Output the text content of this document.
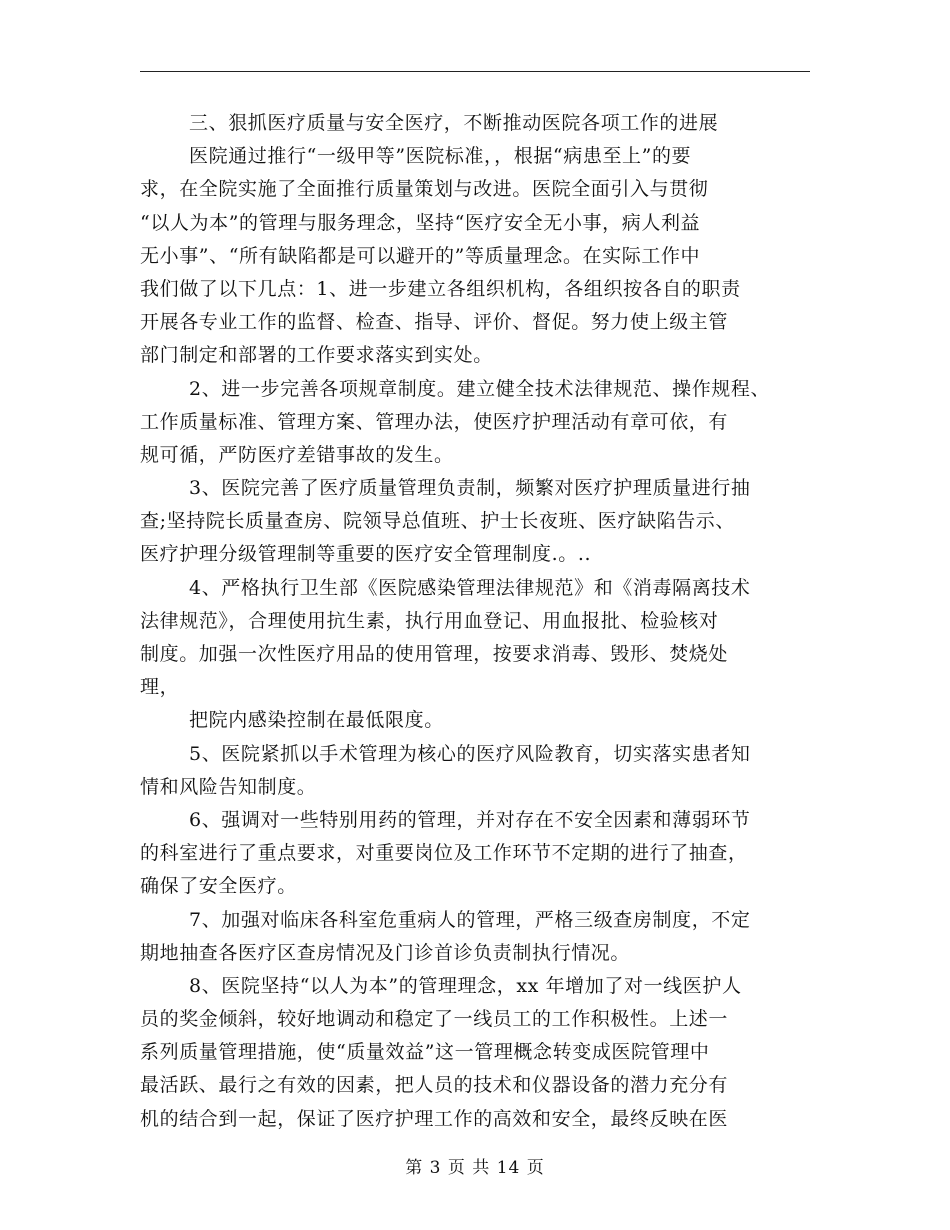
三、狠抓医疗质量与安全医疗，不断推动医院各项工作的进展
医院通过推行“一级甲等”医院标准，，根据“病患至上”的要
求，在全院实施了全面推行质量策划与改进。医院全面引入与贯彻
“以人为本”的管理与服务理念，坚持“医疗安全无小事，病人利益
无小事”、“所有缺陷都是可以避开的”等质量理念。在实际工作中
我们做了以下几点：1、进一步建立各组织机构，各组织按各自的职责
开展各专业工作的监督、检查、指导、评价、督促。努力使上级主管
部门制定和部署的工作要求落实到实处。
2、进一步完善各项规章制度。建立健全技术法律规范、操作规程、
工作质量标准、管理方案、管理办法，使医疗护理活动有章可依，有
规可循，严防医疗差错事故的发生。
3、医院完善了医疗质量管理负责制，频繁对医疗护理质量进行抽
查;坚持院长质量查房、院领导总值班、护士长夜班、医疗缺陷告示、
医疗护理分级管理制等重要的医疗安全管理制度.。..
4、严格执行卫生部《医院感染管理法律规范》和《消毒隔离技术
法律规范》，合理使用抗生素，执行用血登记、用血报批、检验核对
制度。加强一次性医疗用品的使用管理，按要求消毒、毁形、焚烧处
理，
把院内感染控制在最低限度。
5、医院紧抓以手术管理为核心的医疗风险教育，切实落实患者知
情和风险告知制度。
6、强调对一些特别用药的管理，并对存在不安全因素和薄弱环节
的科室进行了重点要求，对重要岗位及工作环节不定期的进行了抽查，
确保了安全医疗。
7、加强对临床各科室危重病人的管理，严格三级查房制度，不定
期地抽查各医疗区查房情况及门诊首诊负责制执行情况。
8、医院坚持“以人为本”的管理理念，xx 年增加了对一线医护人
员的奖金倾斜，较好地调动和稳定了一线员工的工作积极性。上述一
系列质量管理措施，使“质量效益”这一管理概念转变成医院管理中
最活跃、最行之有效的因素，把人员的技术和仪器设备的潜力充分有
机的结合到一起，保证了医疗护理工作的高效和安全，最终反映在医
第 3 页 共 14 页
